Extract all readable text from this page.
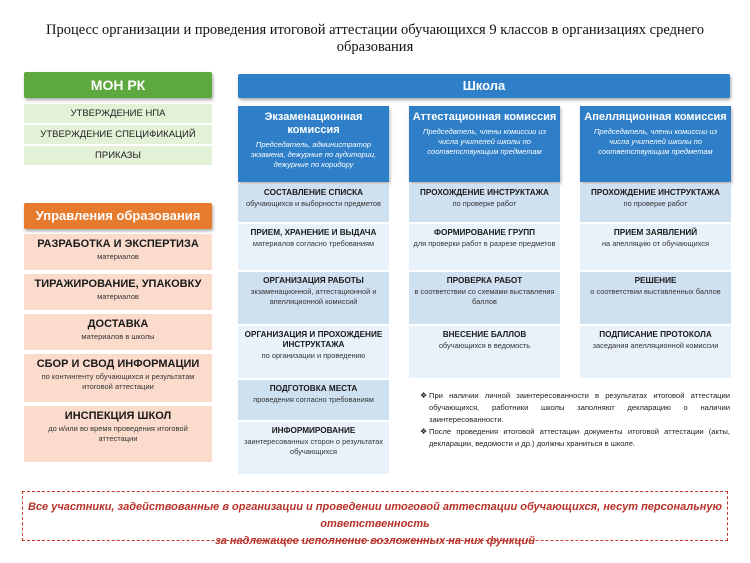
Процесс организации и проведения итоговой аттестации обучающихся 9 классов в организациях среднего
образования
МОН РК
УТВЕРЖДЕНИЕ НПА
УТВЕРЖДЕНИЕ СПЕЦИФИКАЦИЙ
ПРИКАЗЫ
Управления образования
РАЗРАБОТКА И ЭКСПЕРТИЗА
материалов
ТИРАЖИРОВАНИЕ, УПАКОВКУ
материалов
ДОСТАВКА
материалов в школы
СБОР И СВОД ИНФОРМАЦИИ
по контингенту обучающихся и результатам итоговой аттестации
ИНСПЕКЦИЯ ШКОЛ
до и/или во время проведения итоговой аттестации
Школа
Экзаменационная комиссия
Председатель, администратор экзамена, дежурные по аудитории, дежурные по коридору
СОСТАВЛЕНИЕ СПИСКА
обучающихся и выборности предметов
ПРИЕМ, ХРАНЕНИЕ И ВЫДАЧА
материалов согласно требованиям
ОРГАНИЗАЦИЯ РАБОТЫ
экзаменационной, аттестационной и апелляционной комиссий
ОРГАНИЗАЦИЯ И ПРОХОЖДЕНИЕ ИНСТРУКТАЖА
по организации и проведению
ПОДГОТОВКА МЕСТА
проведения согласно требованиям
ИНФОРМИРОВАНИЕ
заинтересованных сторон о результатах обучающихся
Аттестационная комиссия
Председатель, члены комиссии из числа учителей школы по соответствующим предметам
ПРОХОЖДЕНИЕ ИНСТРУКТАЖА
по проверке работ
ФОРМИРОВАНИЕ ГРУПП
для проверки работ в разрезе предметов
ПРОВЕРКА РАБОТ
в соответствии со схемами выставления баллов
ВНЕСЕНИЕ БАЛЛОВ
обучающихся в ведомость
Апелляционная комиссия
Председатель, члены комиссии из числа учителей школы по соответствующим предметам
ПРОХОЖДЕНИЕ ИНСТРУКТАЖА
по проверке работ
ПРИЕМ ЗАЯВЛЕНИЙ
на апелляцию от обучающихся
РЕШЕНИЕ
о соответствии выставленных баллов
ПОДПИСАНИЕ ПРОТОКОЛА
заседания апелляционной комиссии
❖ При наличии личной заинтересованности в результатах итоговой аттестации обучающихся, работники школы заполняют декларацию о наличии заинтересованности.
❖ После проведения итоговой аттестации документы итоговой аттестации (акты, декларации, ведомости и др.) должны храниться в школе.
Все участники, задействованные в организации и проведении итоговой аттестации обучающихся, несут персональную ответственность
за надлежащее исполнение возложенных на них функций
